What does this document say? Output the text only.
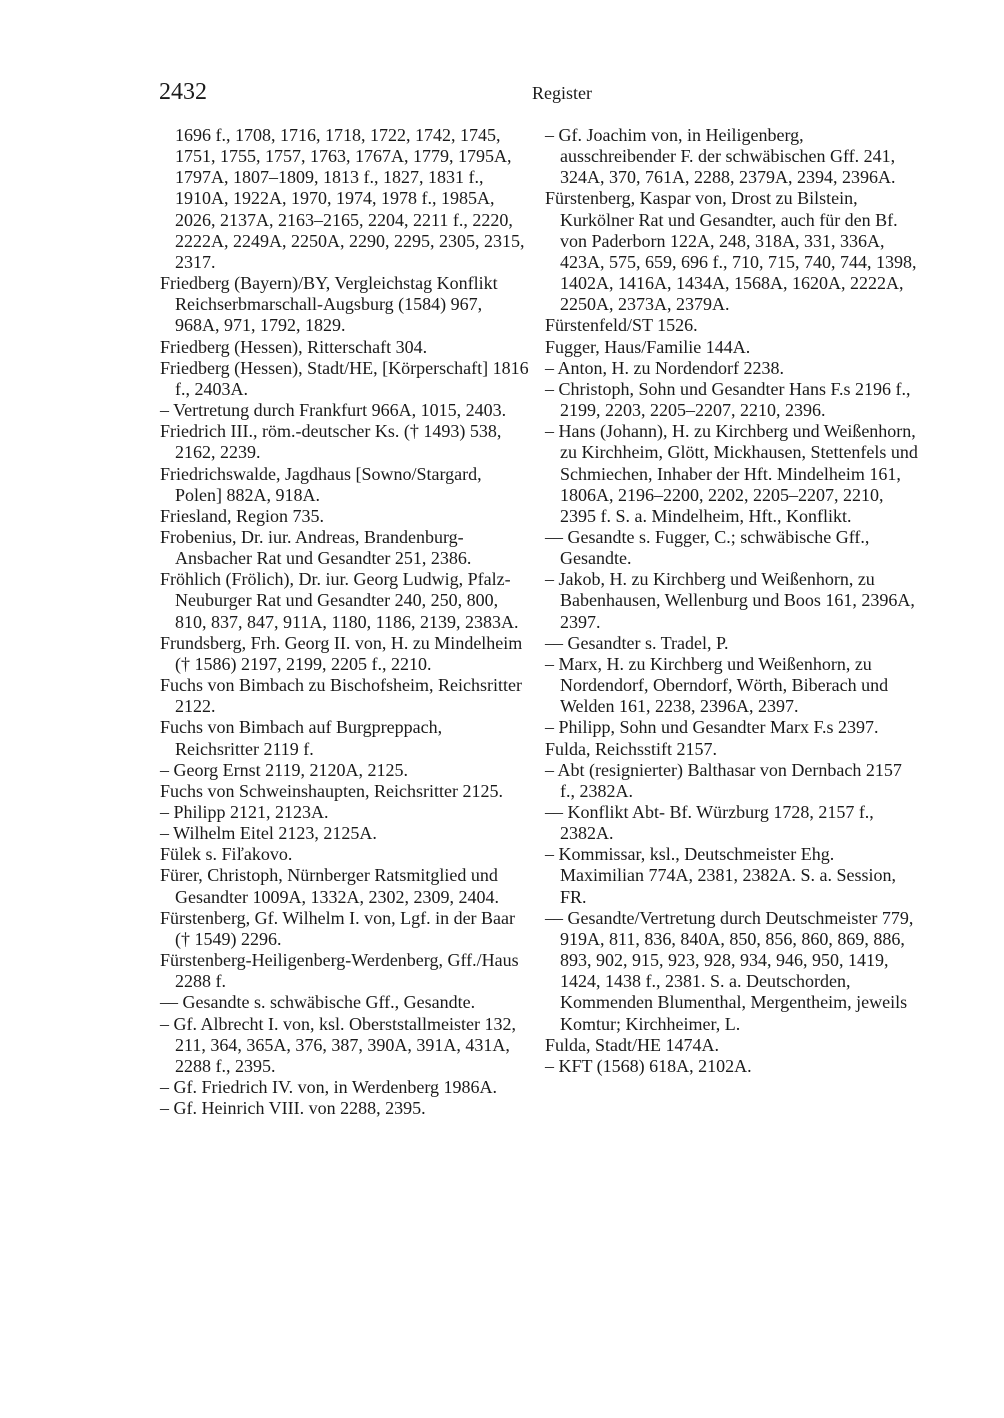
2432	Register

1696 f., 1708, 1716, 1718, 1722, 1742, 1745, 1751, 1755, 1757, 1763, 1767A, 1779, 1795A, 1797A, 1807–1809, 1813 f., 1827, 1831 f., 1910A, 1922A, 1970, 1974, 1978 f., 1985A, 2026, 2137A, 2163–2165, 2204, 2211 f., 2220, 2222A, 2249A, 2250A, 2290, 2295, 2305, 2315, 2317.

Friedberg (Bayern)/BY, Vergleichstag Konflikt Reichserbmarschall-Augsburg (1584) 967, 968A, 971, 1792, 1829.

Friedberg (Hessen), Ritterschaft 304.

Friedberg (Hessen), Stadt/HE, [Körperschaft] 1816 f., 2403A.

– Vertretung durch Frankfurt 966A, 1015, 2403.

Friedrich III., röm.-deutscher Ks. († 1493) 538, 2162, 2239.

Friedrichswalde, Jagdhaus [Sowno/Stargard, Polen] 882A, 918A.

Friesland, Region 735.

Frobenius, Dr. iur. Andreas, Brandenburg-Ansbacher Rat und Gesandter 251, 2386.

Fröhlich (Frölich), Dr. iur. Georg Ludwig, Pfalz-Neuburger Rat und Gesandter 240, 250, 800, 810, 837, 847, 911A, 1180, 1186, 2139, 2383A.

Frundsberg, Frh. Georg II. von, H. zu Mindelheim († 1586) 2197, 2199, 2205 f., 2210.

Fuchs von Bimbach zu Bischofsheim, Reichsritter 2122.

Fuchs von Bimbach auf Burgpreppach, Reichsritter 2119 f.

– Georg Ernst 2119, 2120A, 2125.

Fuchs von Schweinshaupten, Reichsritter 2125.

– Philipp 2121, 2123A.

– Wilhelm Eitel 2123, 2125A.

Fülek s. Fiľakovo.

Fürer, Christoph, Nürnberger Ratsmitglied und Gesandter 1009A, 1332A, 2302, 2309, 2404.

Fürstenberg, Gf. Wilhelm I. von, Lgf. in der Baar († 1549) 2296.

Fürstenberg-Heiligenberg-Werdenberg, Gff./Haus 2288 f.

–– Gesandte s. schwäbische Gff., Gesandte.

– Gf. Albrecht I. von, ksl. Oberststallmeister 132, 211, 364, 365A, 376, 387, 390A, 391A, 431A, 2288 f., 2395.

– Gf. Friedrich IV. von, in Werdenberg 1986A.

– Gf. Heinrich VIII. von 2288, 2395.

– Gf. Joachim von, in Heiligenberg, ausschreibender F. der schwäbischen Gff. 241, 324A, 370, 761A, 2288, 2379A, 2394, 2396A.

Fürstenberg, Kaspar von, Drost zu Bilstein, Kurkölner Rat und Gesandter, auch für den Bf. von Paderborn 122A, 248, 318A, 331, 336A, 423A, 575, 659, 696 f., 710, 715, 740, 744, 1398, 1402A, 1416A, 1434A, 1568A, 1620A, 2222A, 2250A, 2373A, 2379A.

Fürstenfeld/ST 1526.

Fugger, Haus/Familie 144A.

– Anton, H. zu Nordendorf 2238.

– Christoph, Sohn und Gesandter Hans F.s 2196 f., 2199, 2203, 2205–2207, 2210, 2396.

– Hans (Johann), H. zu Kirchberg und Weißenhorn, zu Kirchheim, Glött, Mickhausen, Stettenfels und Schmiechen, Inhaber der Hft. Mindelheim 161, 1806A, 2196–2200, 2202, 2205–2207, 2210, 2395 f. S. a. Mindelheim, Hft., Konflikt.

–– Gesandte s. Fugger, C.; schwäbische Gff., Gesandte.

– Jakob, H. zu Kirchberg und Weißenhorn, zu Babenhausen, Wellenburg und Boos 161, 2396A, 2397.

–– Gesandter s. Tradel, P.

– Marx, H. zu Kirchberg und Weißenhorn, zu Nordendorf, Oberndorf, Wörth, Biberach und Welden 161, 2238, 2396A, 2397.

– Philipp, Sohn und Gesandter Marx F.s 2397.

Fulda, Reichsstift 2157.

– Abt (resignierter) Balthasar von Dernbach 2157 f., 2382A.

–– Konflikt Abt- Bf. Würzburg 1728, 2157 f., 2382A.

– Kommissar, ksl., Deutschmeister Ehg. Maximilian 774A, 2381, 2382A. S. a. Session, FR.

–– Gesandte/Vertretung durch Deutschmeister 779, 919A, 811, 836, 840A, 850, 856, 860, 869, 886, 893, 902, 915, 923, 928, 934, 946, 950, 1419, 1424, 1438 f., 2381. S. a. Deutschorden, Kommenden Blumenthal, Mergentheim, jeweils Komtur; Kirchheimer, L.

Fulda, Stadt/HE 1474A.

– KFT (1568) 618A, 2102A.
